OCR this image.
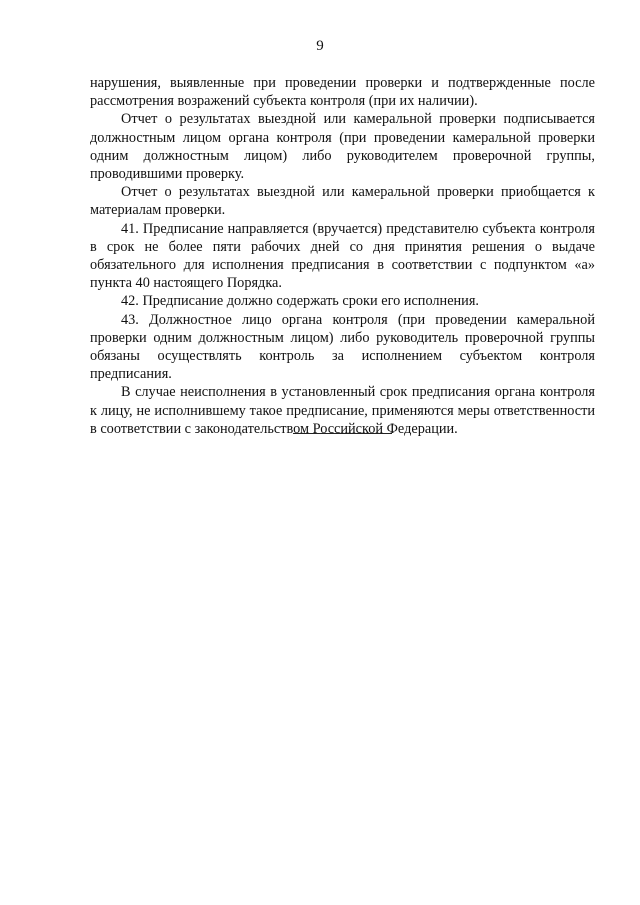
9

нарушения, выявленные при проведении проверки и подтвержденные после рассмотрения возражений субъекта контроля (при их наличии).

Отчет о результатах выездной или камеральной проверки подписывается должностным лицом органа контроля (при проведении камеральной проверки одним должностным лицом) либо руководителем проверочной группы, проводившими проверку.

Отчет о результатах выездной или камеральной проверки приобщается к материалам проверки.

41. Предписание направляется (вручается) представителю субъекта контроля в срок не более пяти рабочих дней со дня принятия решения о выдаче обязательного для исполнения предписания в соответствии с подпунктом «а» пункта 40 настоящего Порядка.

42. Предписание должно содержать сроки его исполнения.

43. Должностное лицо органа контроля (при проведении камеральной проверки одним должностным лицом) либо руководитель проверочной группы обязаны осуществлять контроль за исполнением субъектом контроля предписания.

В случае неисполнения в установленный срок предписания органа контроля к лицу, не исполнившему такое предписание, применяются меры ответственности в соответствии с законодательством Российской Федерации.
